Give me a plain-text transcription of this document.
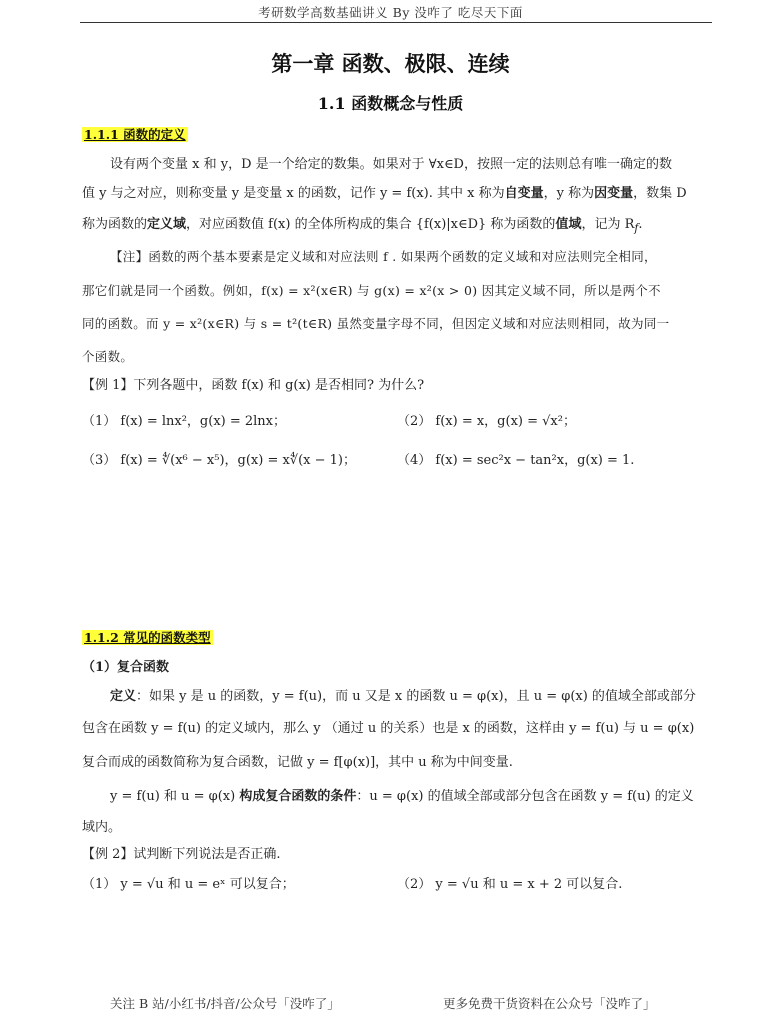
考研数学高数基础讲义 By 没咋了 吃尽天下面
第一章 函数、极限、连续
1.1 函数概念与性质
1.1.1 函数的定义
设有两个变量 x 和 y，D 是一个给定的数集。如果对于 ∀x∈D，按照一定的法则总有唯一确定的数
值 y 与之对应，则称变量 y 是变量 x 的函数，记作 y = f(x). 其中 x 称为自变量，y 称为因变量，数集 D
称为函数的定义域，对应函数值 f(x) 的全体所构成的集合 {f(x)|x∈D} 称为函数的值域，记为 $R_f$.
【注】函数的两个基本要素是定义域和对应法则 f . 如果两个函数的定义域和对应法则完全相同，
那它们就是同一个函数。例如，f(x) = x²(x∈R) 与 g(x) = x²(x > 0) 因其定义域不同，所以是两个不
同的函数。而 y = x²(x∈R) 与 s = t²(t∈R) 虽然变量字母不同，但因定义域和对应法则相同，故为同一
个函数。
【例 1】下列各题中，函数 f(x) 和 g(x) 是否相同? 为什么?
（1） f(x) = lnx²，g(x) = 2lnx；	（2） f(x) = x，g(x) = √x²；
（3） f(x) = ∜(x⁶ − x⁵)，g(x) = x∜(x − 1)；	（4） f(x) = sec²x − tan²x，g(x) = 1.
1.1.2 常见的函数类型
（1）复合函数
定义：如果 y 是 u 的函数，y = f(u)，而 u 又是 x 的函数 u = φ(x)，且 u = φ(x) 的值域全部或部分
包含在函数 y = f(u) 的定义域内，那么 y （通过 u 的关系）也是 x 的函数，这样由 y = f(u) 与 u = φ(x)
复合而成的函数简称为复合函数，记做 y = f[φ(x)]，其中 u 称为中间变量.
y = f(u) 和 u = φ(x) 构成复合函数的条件：u = φ(x) 的值域全部或部分包含在函数 y = f(u) 的定义
域内。
【例 2】试判断下列说法是否正确.
（1） y = √u 和 u = eˣ 可以复合；	（2） y = √u 和 u = x + 2 可以复合.
关注 B 站/小红书/抖音/公众号「没咋了」	更多免费干货资料在公众号「没咋了」
